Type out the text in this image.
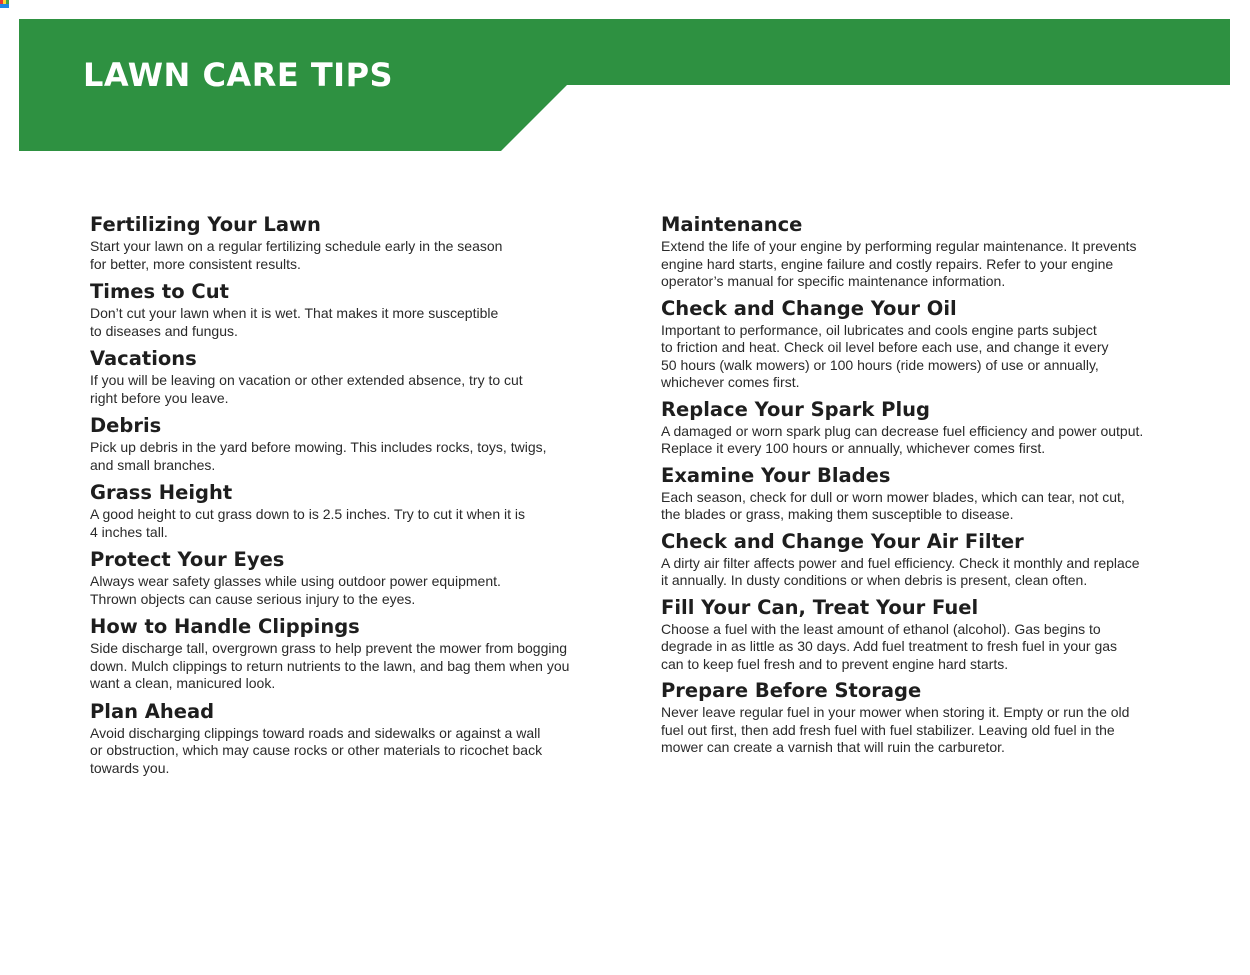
LAWN CARE TIPS
Fertilizing Your Lawn

Start your lawn on a regular fertilizing schedule early in the season
for better, more consistent results.

Times to Cut

Don’t cut your lawn when it is wet. That makes it more susceptible
to diseases and fungus.

Vacations

If you will be leaving on vacation or other extended absence, try to cut
right before you leave.

Debris

Pick up debris in the yard before mowing. This includes rocks, toys, twigs,
and small branches.

Grass Height

A good height to cut grass down to is 2.5 inches. Try to cut it when it is
4 inches tall.

Protect Your Eyes

Always wear safety glasses while using outdoor power equipment.
Thrown objects can cause serious injury to the eyes.

How to Handle Clippings

Side discharge tall, overgrown grass to help prevent the mower from bogging
down. Mulch clippings to return nutrients to the lawn, and bag them when you
want a clean, manicured look.

Plan Ahead

Avoid discharging clippings toward roads and sidewalks or against a wall
or obstruction, which may cause rocks or other materials to ricochet back
towards you.

Maintenance

Extend the life of your engine by performing regular maintenance. It prevents
engine hard starts, engine failure and costly repairs. Refer to your engine
operator’s manual for specific maintenance information.

Check and Change Your Oil

Important to performance, oil lubricates and cools engine parts subject
to friction and heat. Check oil level before each use, and change it every
50 hours (walk mowers) or 100 hours (ride mowers) of use or annually,
whichever comes first.

Replace Your Spark Plug

A damaged or worn spark plug can decrease fuel efficiency and power output.
Replace it every 100 hours or annually, whichever comes first.

Examine Your Blades

Each season, check for dull or worn mower blades, which can tear, not cut,
the blades or grass, making them susceptible to disease.

Check and Change Your Air Filter

A dirty air filter affects power and fuel efficiency. Check it monthly and replace
it annually. In dusty conditions or when debris is present, clean often.

Fill Your Can, Treat Your Fuel

Choose a fuel with the least amount of ethanol (alcohol). Gas begins to
degrade in as little as 30 days. Add fuel treatment to fresh fuel in your gas
can to keep fuel fresh and to prevent engine hard starts.

Prepare Before Storage

Never leave regular fuel in your mower when storing it. Empty or run the old
fuel out first, then add fresh fuel with fuel stabilizer. Leaving old fuel in the
mower can create a varnish that will ruin the carburetor.
